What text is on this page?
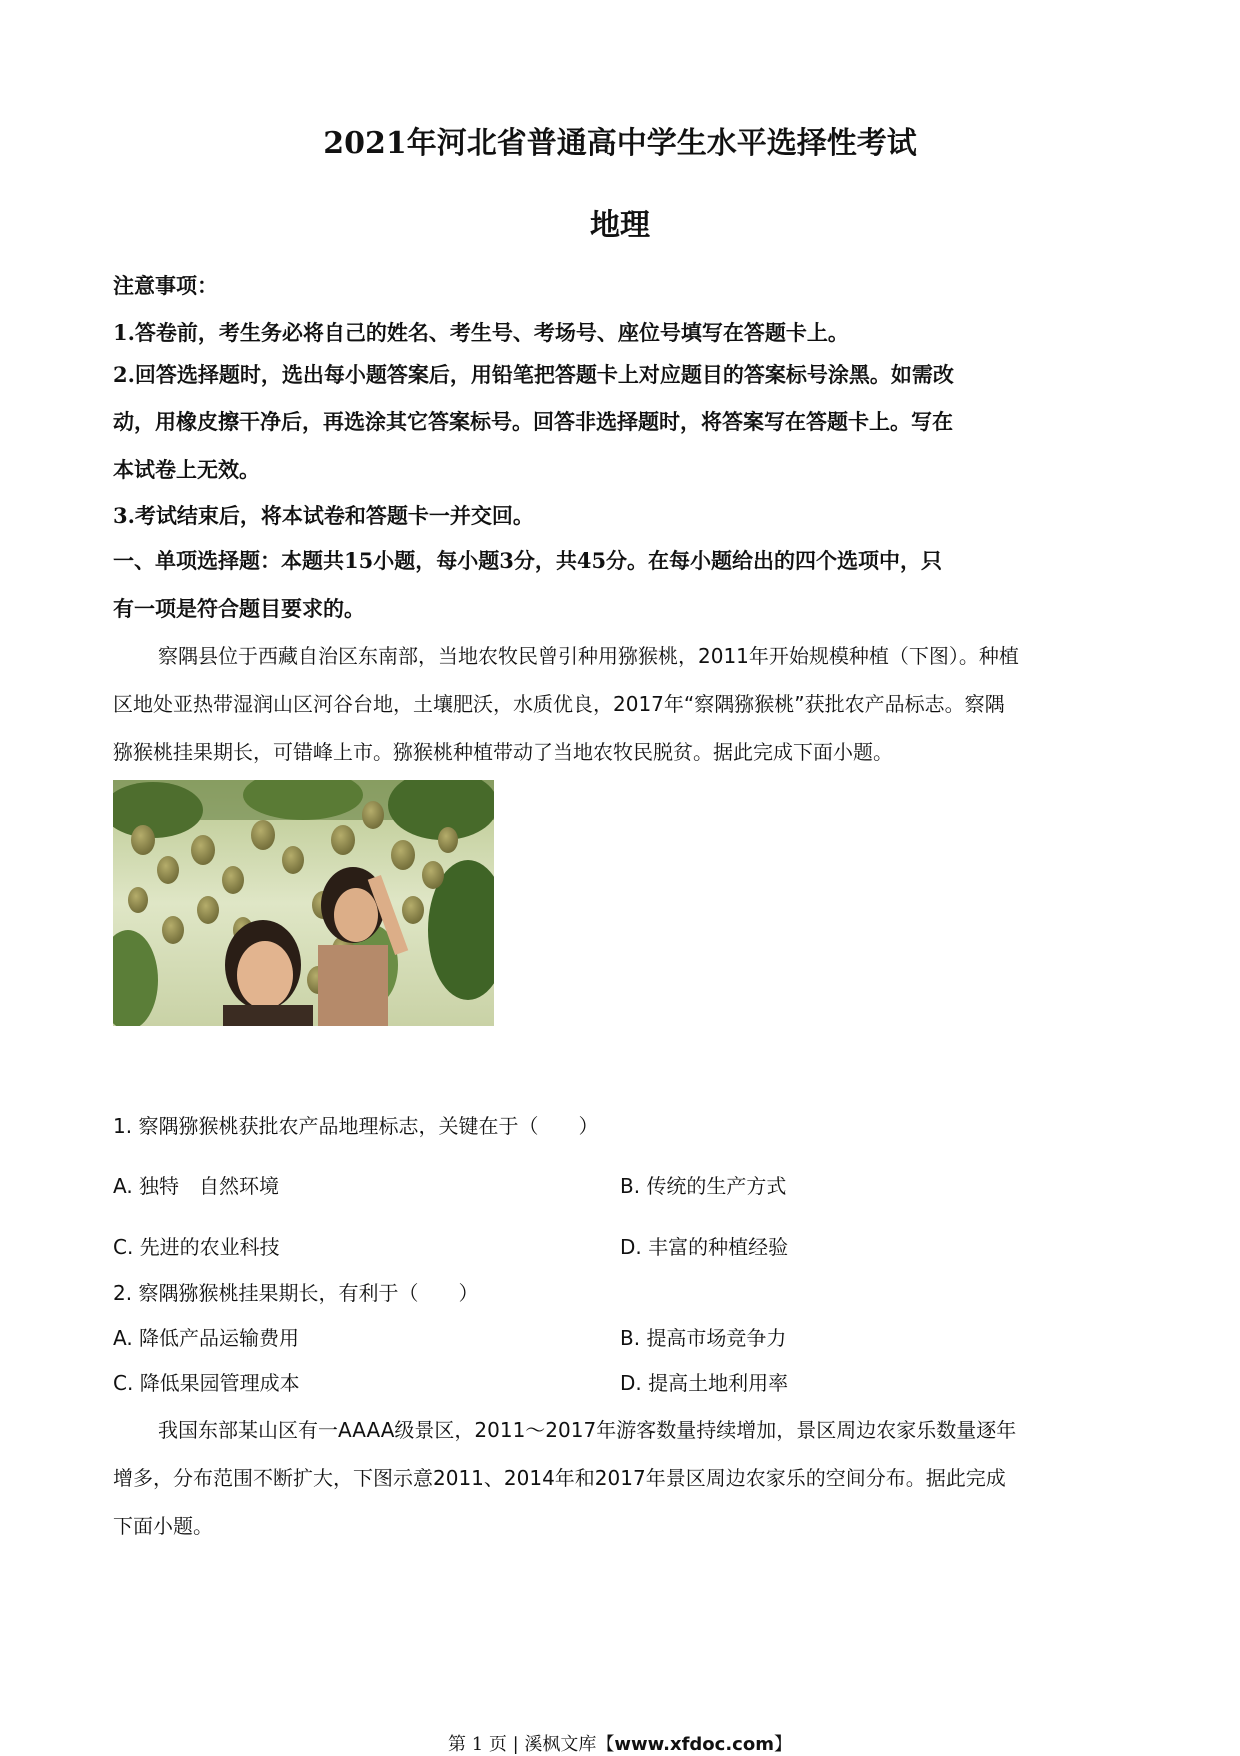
2021年河北省普通高中学生水平选择性考试
地理
注意事项：
1.答卷前，考生务必将自己的姓名、考生号、考场号、座位号填写在答题卡上。
2.回答选择题时，选出每小题答案后，用铅笔把答题卡上对应题目的答案标号涂黑。如需改
动，用橡皮擦干净后，再选涂其它答案标号。回答非选择题时，将答案写在答题卡上。写在
本试卷上无效。
3.考试结束后，将本试卷和答题卡一并交回。
一、单项选择题：本题共15小题，每小题3分，共45分。在每小题给出的四个选项中，只
有一项是符合题目要求的。
察隅县位于西藏自治区东南部，当地农牧民曾引种用猕猴桃，2011年开始规模种植（下图）。种植
区地处亚热带湿润山区河谷台地，土壤肥沃，水质优良，2017年“察隅猕猴桃”获批农产品标志。察隅
猕猴桃挂果期长，可错峰上市。猕猴桃种植带动了当地农牧民脱贫。据此完成下面小题。
1. 察隅猕猴桃获批农产品地理标志，关键在于（　　）
A. 独特　自然环境	B. 传统的生产方式
C. 先进的农业科技	D. 丰富的种植经验
2. 察隅猕猴桃挂果期长，有利于（　　）
A. 降低产品运输费用	B. 提高市场竞争力
C. 降低果园管理成本	D. 提高土地利用率
我国东部某山区有一AAAA级景区，2011～2017年游客数量持续增加，景区周边农家乐数量逐年
增多，分布范围不断扩大，下图示意2011、2014年和2017年景区周边农家乐的空间分布。据此完成
下面小题。
第 1 页 | 溪枫文库【www.xfdoc.com】
